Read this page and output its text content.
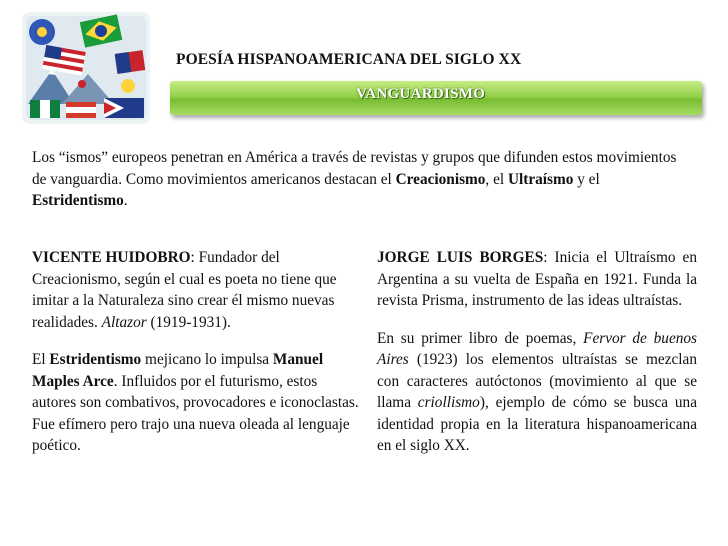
POESÍA HISPANOAMERICANA DEL SIGLO XX
VANGUARDISMO
Los “ismos” europeos penetran en América a través de revistas y grupos que difunden estos movimientos de vanguardia. Como movimientos americanos destacan el Creacionismo, el Ultraísmo y el Estridentismo.

VICENTE HUIDOBRO: Fundador del Creacionismo, según el cual es poeta no tiene que imitar a la Naturaleza sino crear él mismo nuevas realidades. Altazor (1919-1931).

El Estridentismo mejicano lo impulsa Manuel Maples Arce. Influidos por el futurismo, estos autores son combativos, provocadores e iconoclastas. Fue efímero pero trajo una nueva oleada al lenguaje poético.

JORGE LUIS BORGES: Inicia el Ultraísmo en Argentina a su vuelta de España en 1921. Funda la revista Prisma, instrumento de las ideas ultraístas.

En su primer libro de poemas, Fervor de buenos Aires (1923) los elementos ultraístas se mezclan con caracteres autóctonos (movimiento al que se llama criollismo), ejemplo de cómo se busca una identidad propia en la literatura hispanoamericana en el siglo XX.
